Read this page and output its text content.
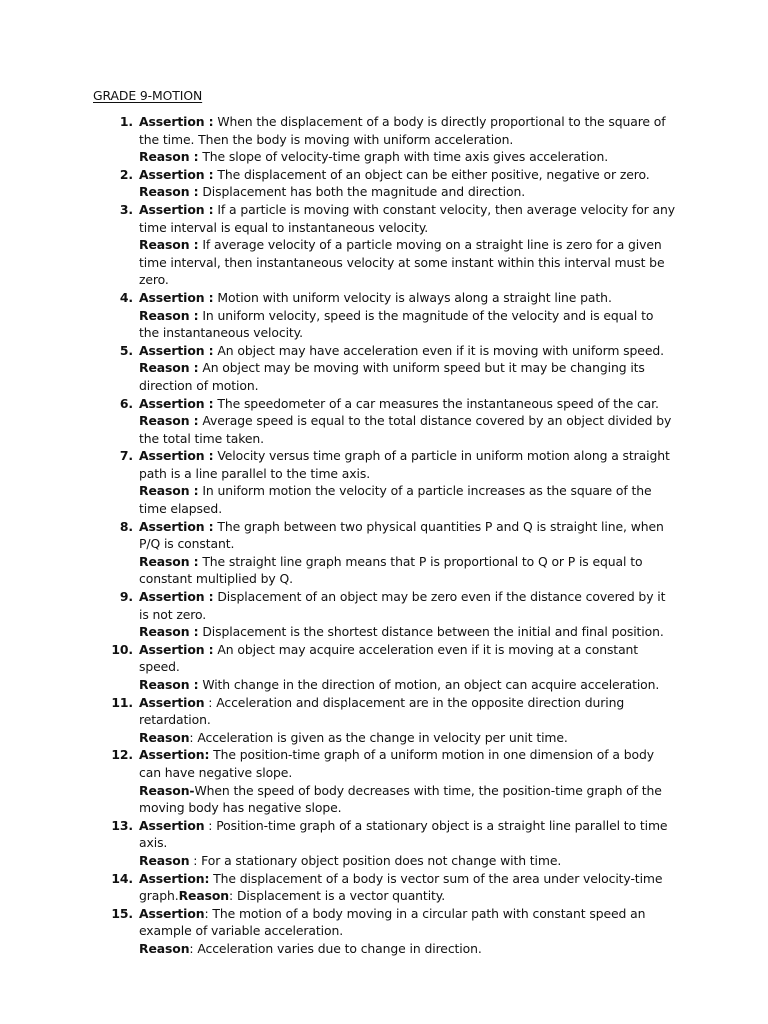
GRADE 9-MOTION
1. Assertion : When the displacement of a body is directly proportional to the square of the time. Then the body is moving with uniform acceleration.

Reason : The slope of velocity-time graph with time axis gives acceleration.

2. Assertion : The displacement of an object can be either positive, negative or zero.

Reason : Displacement has both the magnitude and direction.

3. Assertion : If a particle is moving with constant velocity, then average velocity for any time interval is equal to instantaneous velocity.

Reason : If average velocity of a particle moving on a straight line is zero for a given time interval, then instantaneous velocity at some instant within this interval must be zero.

4. Assertion : Motion with uniform velocity is always along a straight line path.

Reason : In uniform velocity, speed is the magnitude of the velocity and is equal to the instantaneous velocity.

5. Assertion : An object may have acceleration even if it is moving with uniform speed.

Reason : An object may be moving with uniform speed but it may be changing its direction of motion.

6. Assertion : The speedometer of a car measures the instantaneous speed of the car.

Reason : Average speed is equal to the total distance covered by an object divided by the total time taken.

7. Assertion : Velocity versus time graph of a particle in uniform motion along a straight path is a line parallel to the time axis.

Reason : In uniform motion the velocity of a particle increases as the square of the time elapsed.

8. Assertion : The graph between two physical quantities P and Q is straight line, when P/Q is constant.

Reason : The straight line graph means that P is proportional to Q or P is equal to constant multiplied by Q.

9. Assertion : Displacement of an object may be zero even if the distance covered by it is not zero.

Reason : Displacement is the shortest distance between the initial and final position.

10. Assertion : An object may acquire acceleration even if it is moving at a constant speed.

Reason : With change in the direction of motion, an object can acquire acceleration.

11. Assertion : Acceleration and displacement are in the opposite direction during retardation.

Reason: Acceleration is given as the change in velocity per unit time.

12. Assertion: The position-time graph of a uniform motion in one dimension of a body can have negative slope.

Reason-When the speed of body decreases with time, the position-time graph of the moving body has negative slope.

13. Assertion : Position-time graph of a stationary object is a straight line parallel to time axis.

Reason : For a stationary object position does not change with time.

14. Assertion: The displacement of a body is vector sum of the area under velocity-time graph.Reason: Displacement is a vector quantity.

15. Assertion: The motion of a body moving in a circular path with constant speed an example of variable acceleration.

Reason: Acceleration varies due to change in direction.
